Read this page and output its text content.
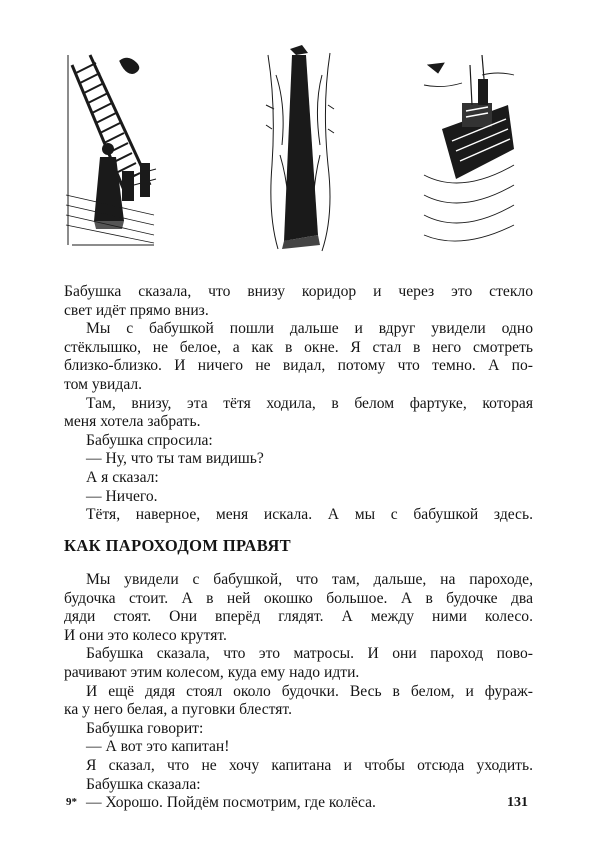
Бабушка сказала, что внизу коридор и через это стекло

свет идёт прямо вниз.

Мы с бабушкой пошли дальше и вдруг увидели одно

стёклышко, не белое, а как в окне. Я стал в него смотреть

близко-близко. И ничего не видал, потому что темно. А по-

том увидал.

Там, внизу, эта тётя ходила, в белом фартуке, которая

меня хотела забрать.

Бабушка спросила:

— Ну, что ты там видишь?

А я сказал:

— Ничего.

Тётя, наверное, меня искала. А мы с бабушкой здесь.

КАК ПАРОХОДОМ ПРАВЯТ

Мы увидели с бабушкой, что там, дальше, на пароходе,

будочка стоит. А в ней окошко большое. А в будочке два

дяди стоят. Они вперёд глядят. А между ними колесо.

И они это колесо крутят.

Бабушка сказала, что это матросы. И они пароход пово-

рачивают этим колесом, куда ему надо идти.

И ещё дядя стоял около будочки. Весь в белом, и фураж-

ка у него белая, а пуговки блестят.

Бабушка говорит:

— А вот это капитан!

Я сказал, что не хочу капитана и чтобы отсюда уходить.

Бабушка сказала:

— Хорошо. Пойдём посмотрим, где колёса.

9*	131
